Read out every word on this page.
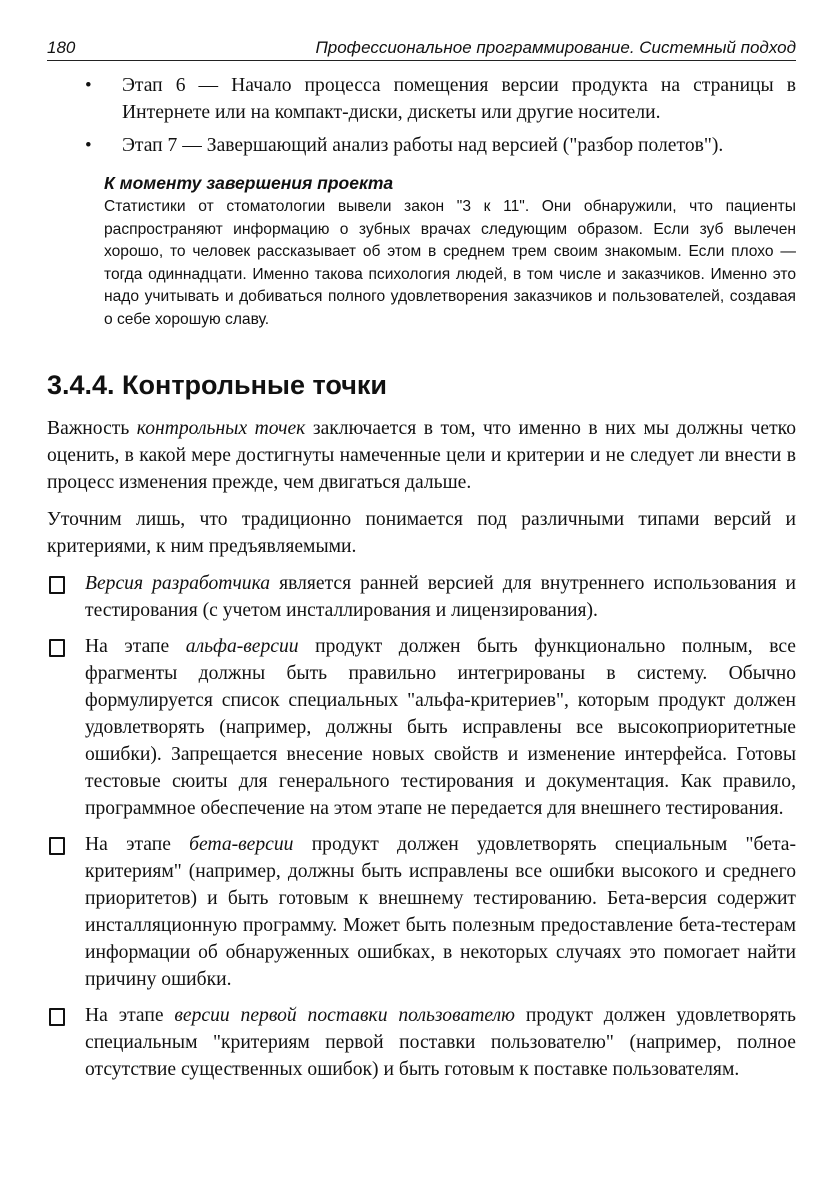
180	Профессиональное программирование. Системный подход
• Этап 6 — Начало процесса помещения версии продукта на страницы в Интернете или на компакт-диски, дискеты или другие носители.
• Этап 7 — Завершающий анализ работы над версией ("разбор полетов").
К моменту завершения проекта
Статистики от стоматологии вывели закон "3 к 11". Они обнаружили, что пациенты распространяют информацию о зубных врачах следующим образом. Если зуб вылечен хорошо, то человек рассказывает об этом в среднем трем своим знакомым. Если плохо — тогда одиннадцати. Именно такова психология людей, в том числе и заказчиков. Именно это надо учитывать и добиваться полного удовлетворения заказчиков и пользователей, создавая о себе хорошую славу.
3.4.4. Контрольные точки

Важность контрольных точек заключается в том, что именно в них мы должны четко оценить, в какой мере достигнуты намеченные цели и критерии и не следует ли внести в процесс изменения прежде, чем двигаться дальше.

Уточним лишь, что традиционно понимается под различными типами версий и критериями, к ним предъявляемыми.

Версия разработчика является ранней версией для внутреннего использования и тестирования (с учетом инсталлирования и лицензирования).
На этапе альфа-версии продукт должен быть функционально полным, все фрагменты должны быть правильно интегрированы в систему. Обычно формулируется список специальных "альфа-критериев", которым продукт должен удовлетворять (например, должны быть исправлены все высокоприоритетные ошибки). Запрещается внесение новых свойств и изменение интерфейса. Готовы тестовые сюиты для генерального тестирования и документация. Как правило, программное обеспечение на этом этапе не передается для внешнего тестирования.
На этапе бета-версии продукт должен удовлетворять специальным "бета-критериям" (например, должны быть исправлены все ошибки высокого и среднего приоритетов) и быть готовым к внешнему тестированию. Бета-версия содержит инсталляционную программу. Может быть полезным предоставление бета-тестерам информации об обнаруженных ошибках, в некоторых случаях это помогает найти причину ошибки.
На этапе версии первой поставки пользователю продукт должен удовлетворять специальным "критериям первой поставки пользователю" (например, полное отсутствие существенных ошибок) и быть готовым к поставке пользователям.
